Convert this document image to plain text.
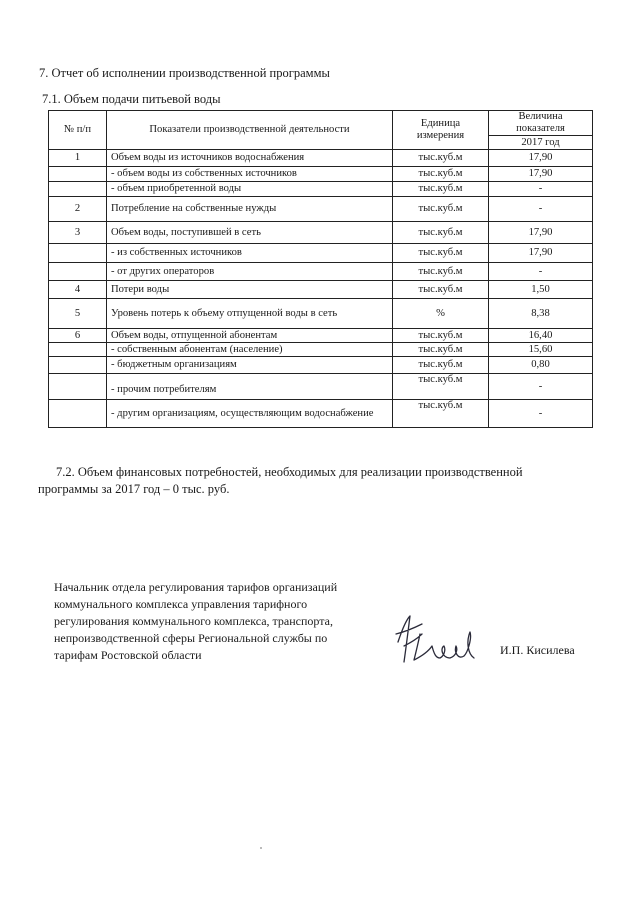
7. Отчет об исполнении производственной программы
7.1. Объем подачи питьевой воды
№ п/п	Показатели производственной деятельности	Единица измерения	Величина показателя
			2017 год
1	Объем воды из источников водоснабжения	тыс.куб.м	17,90
	- объем воды из собственных источников	тыс.куб.м	17,90
	- объем приобретенной воды	тыс.куб.м	-
2	Потребление на собственные нужды	тыс.куб.м	-
3	Объем воды, поступившей в сеть	тыс.куб.м	17,90
	- из собственных источников	тыс.куб.м	17,90
	- от других операторов	тыс.куб.м	-
4	Потери воды	тыс.куб.м	1,50
5	Уровень потерь к объему отпущенной воды в сеть	%	8,38
6	Объем воды, отпущенной абонентам	тыс.куб.м	16,40
	- собственным абонентам (население)	тыс.куб.м	15,60
	- бюджетным организациям	тыс.куб.м	0,80
	- прочим потребителям	тыс.куб.м	-
	- другим организациям, осуществляющим водоснабжение	тыс.куб.м	-
7.2. Объем финансовых потребностей, необходимых для реализации производственной
программы за 2017 год – 0 тыс. руб.
Начальник отдела регулирования тарифов организаций
коммунального комплекса управления тарифного
регулирования коммунального комплекса, транспорта,
непроизводственной сферы Региональной службы по
тарифам Ростовской области	И.П. Кисилева
